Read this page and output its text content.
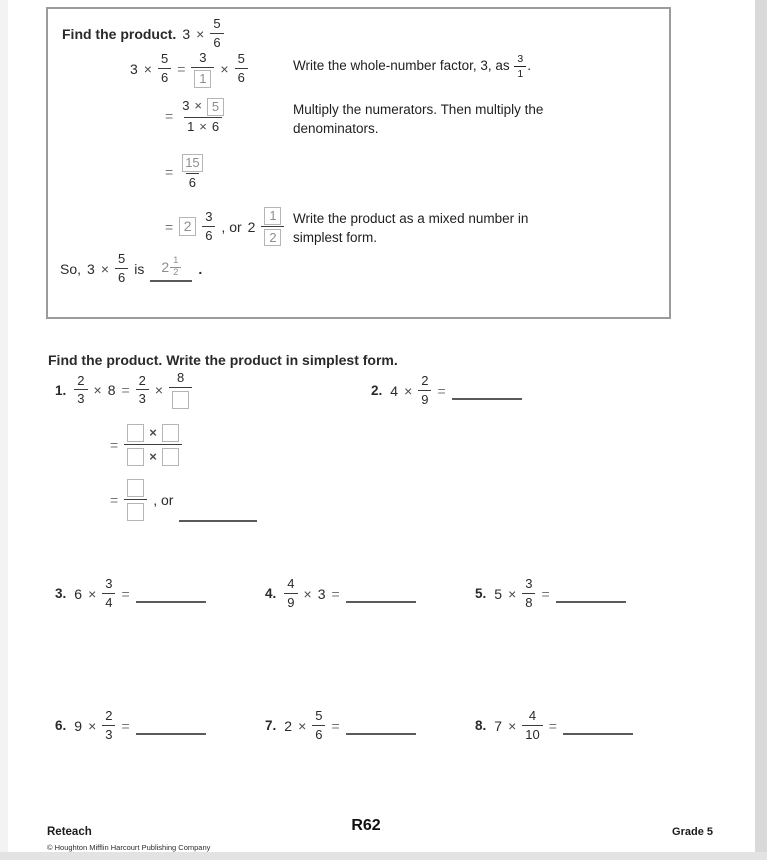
Find the product. $3 \times \frac{5}{6}$
$3 \times \frac{5}{6} = \frac{3}{1} \times \frac{5}{6}$	Write the whole-number factor, 3, as $\frac{3}{1}$ .
= $\frac{3 \times 5}{1 \times 6}$	Multiply the numerators. Then multiply the denominators.
= $\frac{15}{6}$
= $2 \frac{3}{6}$ , or $2 \frac{1}{2}$ Write the product as a mixed number in simplest form.
So, $3 \times \frac{5}{6}$ is $2 \frac{1}{2}$ .
Find the product. Write the product in simplest form.
1. $\frac{2}{3} \times 8 = \frac{2}{3}$ ×
8
=
×
×
=	, or
2. $4 \times \frac{2}{9}$ =
3. $6 \times \frac{3}{4}$ =	4. $\frac{4}{9} \times 3$ =	5. $5 \times \frac{3}{8}$ =
6. $9 \times \frac{2}{3}$ =	7. $2 \times \frac{5}{6}$ =	8. $7 \times \frac{4}{10}$ =
Reteach
© Houghton Mifflin Harcourt Publishing Company
R62	Grade 5
